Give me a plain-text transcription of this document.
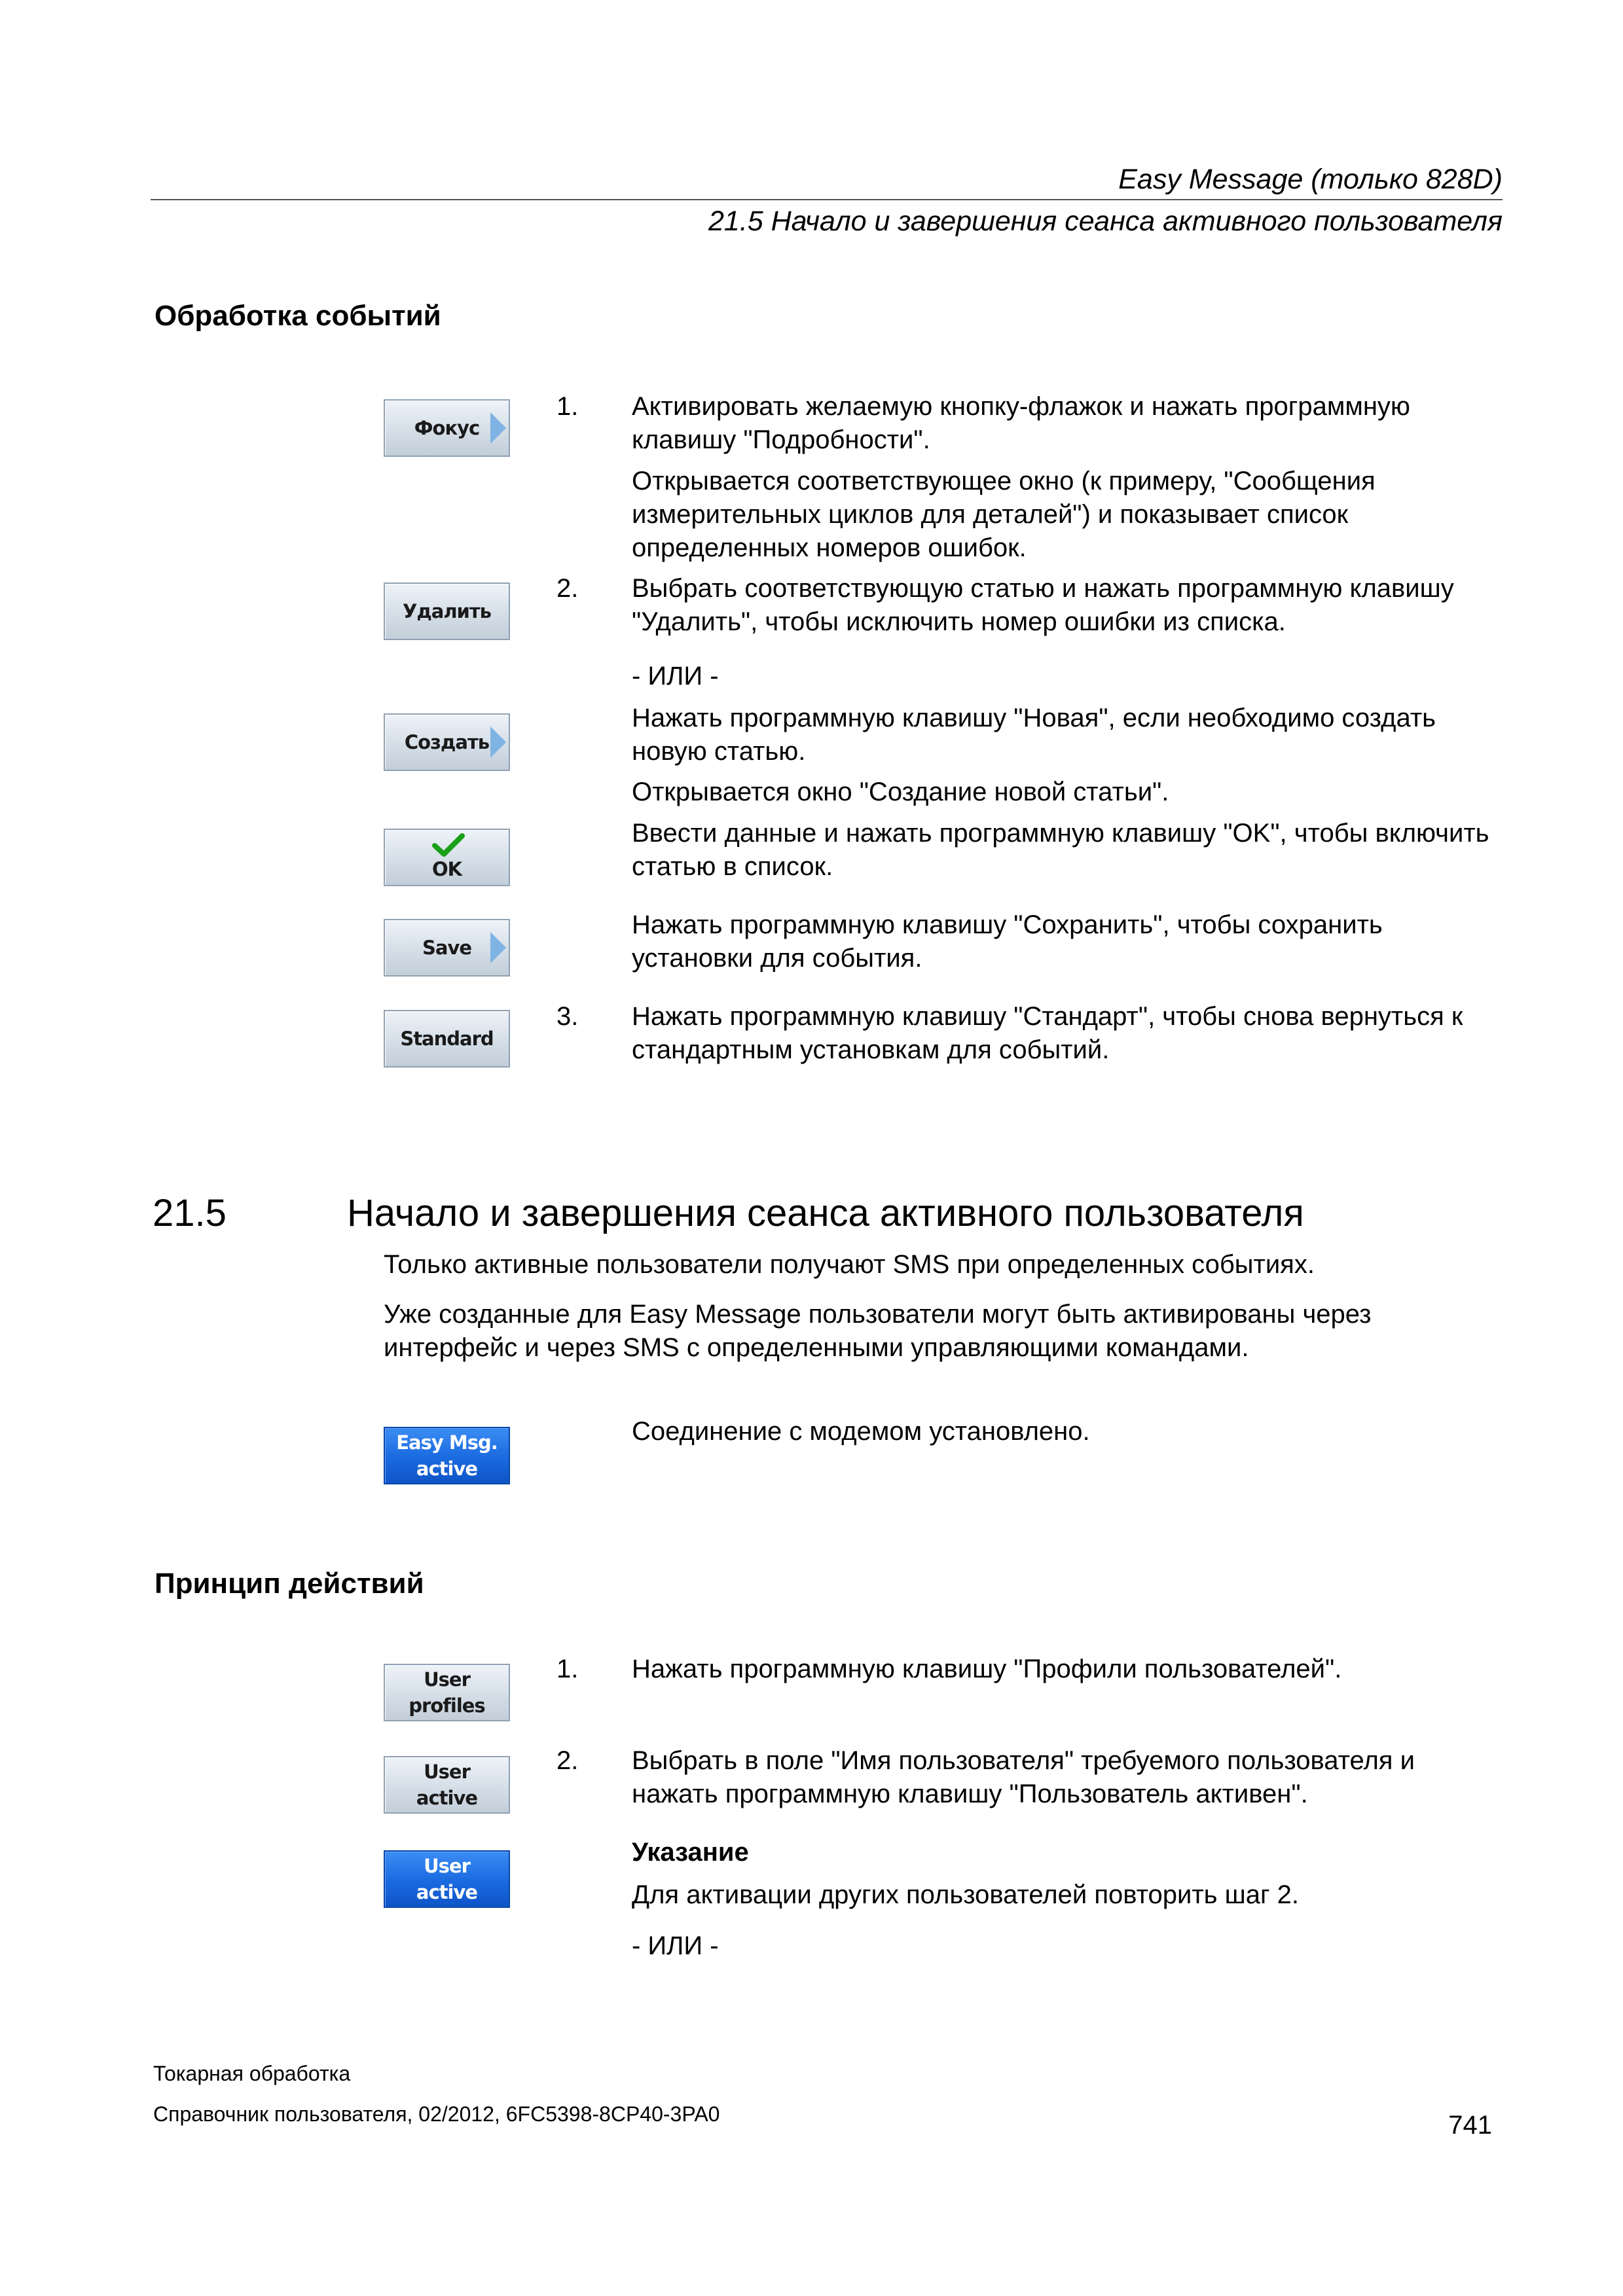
Easy Message (только 828D)
21.5 Начало и завершения сеанса активного пользователя
Обработка событий
Фокус
Удалить
Создать
OK
Save
Standard
1. Активировать желаемую кнопку-флажок и нажать программную клавишу "Подробности".
Открывается соответствующее окно (к примеру, "Сообщения измерительных циклов для деталей") и показывает список определенных номеров ошибок.
2. Выбрать соответствующую статью и нажать программную клавишу "Удалить", чтобы исключить номер ошибки из списка.
- ИЛИ -
Нажать программную клавишу "Новая", если необходимо создать новую статью.
Открывается окно "Создание новой статьи".
Ввести данные и нажать программную клавишу "OK", чтобы включить статью в список.
Нажать программную клавишу "Сохранить", чтобы сохранить установки для события.
3. Нажать программную клавишу "Стандарт", чтобы снова вернуться к стандартным установкам для событий.
21.5	Начало и завершения сеанса активного пользователя
Только активные пользователи получают SMS при определенных событиях.
Уже созданные для Easy Message пользователи могут быть активированы через интерфейс и через SMS с определенными управляющими командами.
Easy Msg.
active
Соединение с модемом установлено.
Принцип действий
User
profiles
User
active
User
active
1. Нажать программную клавишу "Профили пользователей".
2. Выбрать в поле "Имя пользователя" требуемого пользователя и нажать программную клавишу "Пользователь активен".
Указание
Для активации других пользователей повторить шаг 2.
- ИЛИ -
Токарная обработка
Справочник пользователя, 02/2012, 6FC5398-8CP40-3PA0	741
